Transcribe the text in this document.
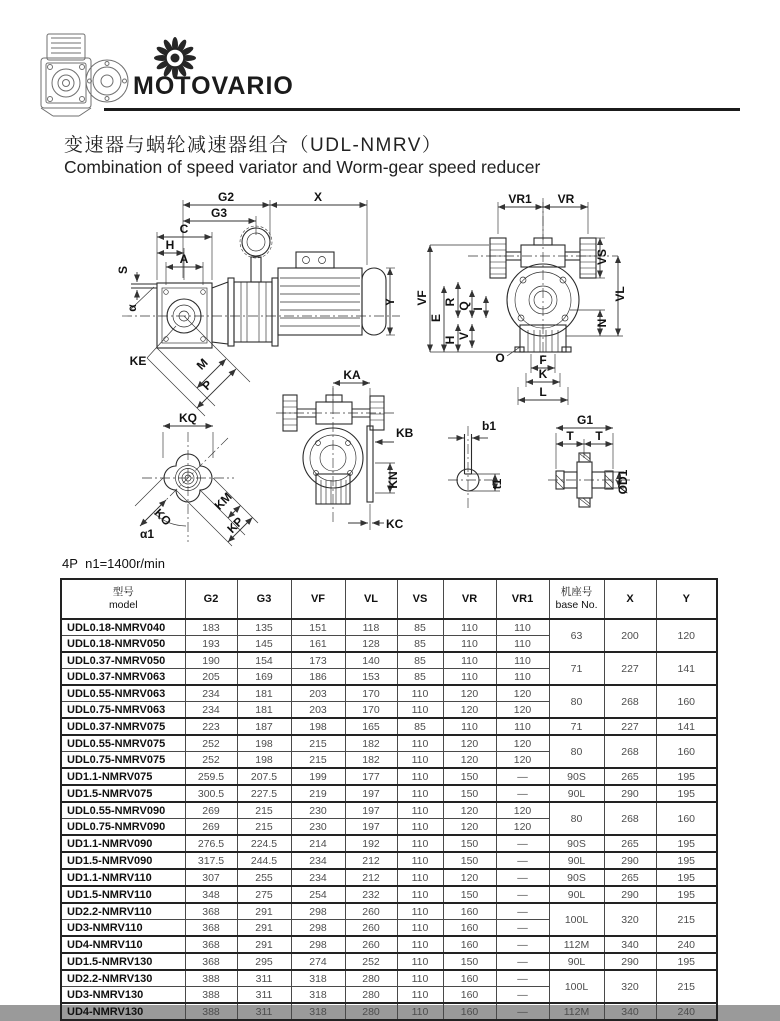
MOTOVARIO
变速器与蜗轮减速器组合（UDL-NMRV）
Combination of speed variator and Worm-gear speed reducer
G2	X
G3
C
H
A
S
α
Y
KE	M
P
VR1 VR
VF
E
R
H
Q
V
I
VS
VL
N
O	F
K
L
KQ
KM
KP
KO
α1
KA
KB
KN
KC
b1
t1
G1
T T
ØD1
4P  n1=1400r/min
型号
model	G2	G3	VF	VL	VS	VR	VR1	
机座号
base No.	X	Y
UDL0.18-NMRV040	183	135	151	118	85	110	110	63	200	120
UDL0.18-NMRV050	193	145	161	128	85	110	110			
UDL0.37-NMRV050	190	154	173	140	85	110	110	71	227	141
UDL0.37-NMRV063	205	169	186	153	85	110	110			
UDL0.55-NMRV063	234	181	203	170	110	120	120	80	268	160
UDL0.75-NMRV063	234	181	203	170	110	120	120			
UDL0.37-NMRV075	223	187	198	165	85	110	110	71	227	141
UDL0.55-NMRV075	252	198	215	182	110	120	120	80	268	160
UDL0.75-NMRV075	252	198	215	182	110	120	120			
UD1.1-NMRV075	259.5	207.5	199	177	110	150	—	90S	265	195
UD1.5-NMRV075	300.5	227.5	219	197	110	150	—	90L	290	195
UDL0.55-NMRV090	269	215	230	197	110	120	120	80	268	160
UDL0.75-NMRV090	269	215	230	197	110	120	120			
UD1.1-NMRV090	276.5	224.5	214	192	110	150	—	90S	265	195
UD1.5-NMRV090	317.5	244.5	234	212	110	150	—	90L	290	195
UD1.1-NMRV110	307	255	234	212	110	120	—	90S	265	195
UD1.5-NMRV110	348	275	254	232	110	150	—	90L	290	195
UD2.2-NMRV110	368	291	298	260	110	160	—	100L	320	215
UD3-NMRV110	368	291	298	260	110	160	—			
UD4-NMRV110	368	291	298	260	110	160	—	112M	340	240
UD1.5-NMRV130	368	295	274	252	110	150	—	90L	290	195
UD2.2-NMRV130	388	311	318	280	110	160	—	100L	320	215
UD3-NMRV130	388	311	318	280	110	160	—			
UD4-NMRV130	388	311	318	280	110	160	—	112M	340	240
